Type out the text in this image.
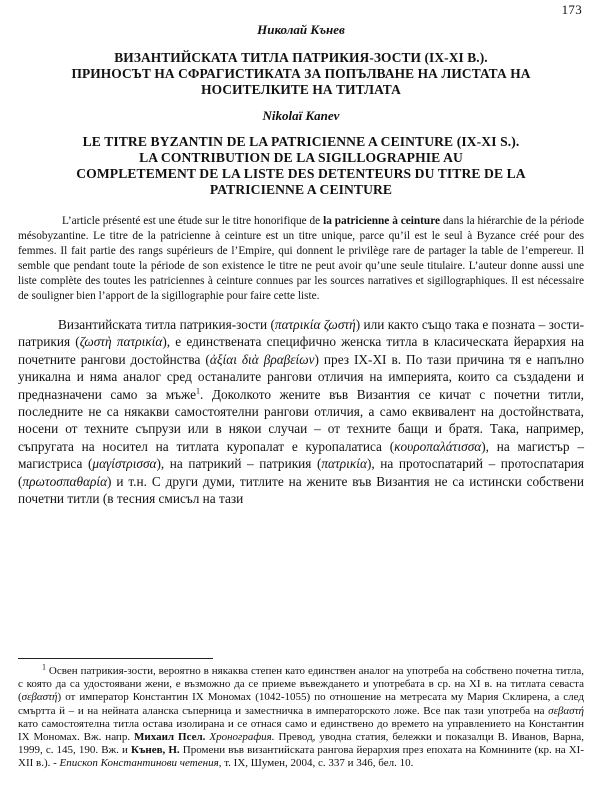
173

Николай Кънев

ВИЗАНТИЙСКАТА ТИТЛА ПАТРИКИЯ-ЗОСТИ (IX-XI В.).
ПРИНОСЪТ НА СФРАГИСТИКАТА ЗА ПОПЪЛВАНЕ НА ЛИСТАТА НА
НОСИТЕЛКИТЕ НА ТИТЛАТА

Nikolaï Kanev

LE TITRE BYZANTIN DE LA PATRICIENNE A CEINTURE (IX-XI S.).
LA CONTRIBUTION DE LA SIGILLOGRAPHIE AU
COMPLETEMENT DE LA LISTE DES DETENTEURS DU TITRE DE LA
PATRICIENNE A CEINTURE

L’article présenté est une étude sur le titre honorifique de la patricienne à ceinture dans la hiérarchie de la période mésobyzantine. Le titre de la patricienne à ceinture est un titre unique, parce qu’il est le seul à Byzance créé pour des femmes. Il fait partie des rangs supérieurs de l’Empire, qui donnent le privilège rare de partager la table de l’empereur. Il semble que pendant toute la période de son existence le titre ne peut avoir qu’une seule titulaire. L’auteur donne aussi une liste complète des toutes les patriciennes à ceinture connues par les sources narratives et sigillographiques. Il est nécessaire de souligner bien l’apport de la sigillographie pour faire cette liste.

Византийската титла патрикия-зости (πατρικία ζωστή) или както също така е позната – зости-патрикия (ζωστὴ πατρικία), е единствената специфично женска титла в класическата йерархия на почетните рангови достойнства (ἀξίαι διὰ βραβείων) през IX-XI в. По тази причина тя е напълно уникална и няма аналог сред останалите рангови отличия на империята, които са създадени и предназначени само за мъже$^1$. Доколкото жените във Византия се кичат с почетни титли, последните не са някакви самостоятелни рангови отличия, а само еквивалент на достойнствата, носени от техните съпрузи или в някои случаи – от техните бащи и братя. Така, например, съпругата на носител на титлата куропалат е куропалатиса (κουροπαλάτισσα), на магистър – магистриса (μαγίστρισσα), на патрикий – патрикия (πατρικία), на протоспатарий – протоспатария (πρωτοσπαθαρία) и т.н. С други думи, титлите на жените във Византия не са истински собствени почетни титли (в тесния смисъл на тази

$^1$ Освен патрикия-зости, вероятно в някаква степен като единствен аналог на употреба на собствено почетна титла, с която да са удостоявани жени, е възможно да се приеме въвеждането и употребата в ср. на XI в. на титлата севаста (σεβαστή) от император Константин IX Мономах (1042-1055) по отношение на метресата му Мария Склирена, а след смъртта й – и на нейната аланска съперница и заместничка в императорското ложе. Все пак тази употреба на σεβαστή като самостоятелна титла остава изолирана и се отнася само и единствено до времето на управлението на Константин IX Мономах. Вж. напр. Михаил Псел. Хронография. Превод, уводна статия, бележки и показалци В. Иванов, Варна, 1999, с. 145, 190. Вж. и Кънев, Н. Промени във византийската рангова йерархия през епохата на Комнините (кр. на XI-XII в.). - Епископ Константинови четения, т. IX, Шумен, 2004, с. 337 и 346, бел. 10.
